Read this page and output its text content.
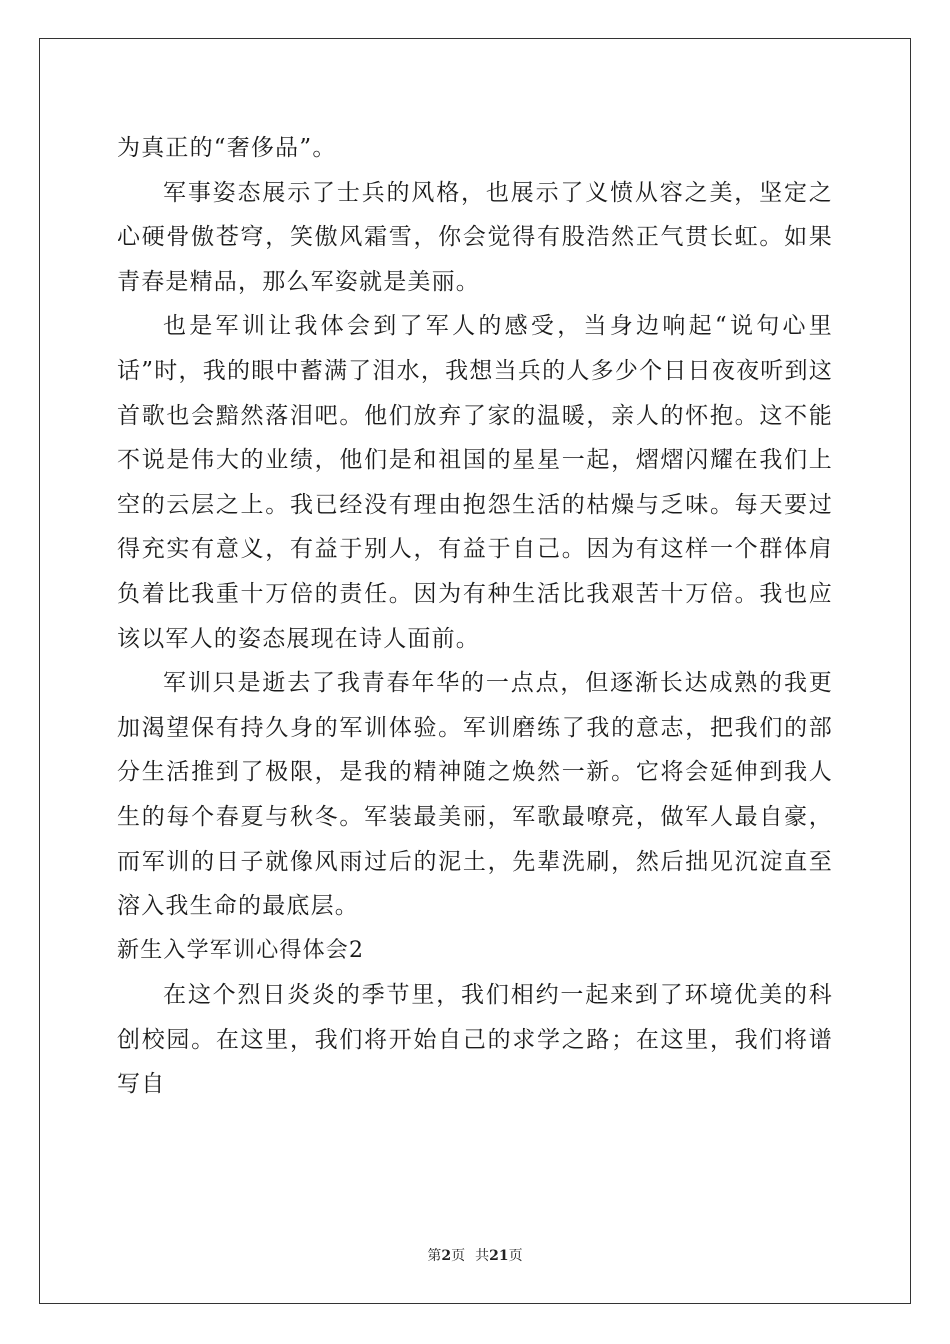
为真正的“奢侈品”。

军事姿态展示了士兵的风格，也展示了义愤从容之美，坚定之心硬骨傲苍穹，笑傲风霜雪，你会觉得有股浩然正气贯长虹。如果青春是精品，那么军姿就是美丽。

也是军训让我体会到了军人的感受，当身边响起“说句心里话”时，我的眼中蓄满了泪水，我想当兵的人多少个日日夜夜听到这首歌也会黯然落泪吧。他们放弃了家的温暖，亲人的怀抱。这不能不说是伟大的业绩，他们是和祖国的星星一起，熠熠闪耀在我们上空的云层之上。我已经没有理由抱怨生活的枯燥与乏味。每天要过得充实有意义，有益于别人，有益于自己。因为有这样一个群体肩负着比我重十万倍的责任。因为有种生活比我艰苦十万倍。我也应该以军人的姿态展现在诗人面前。

军训只是逝去了我青春年华的一点点，但逐渐长达成熟的我更加渴望保有持久身的军训体验。军训磨练了我的意志，把我们的部分生活推到了极限，是我的精神随之焕然一新。它将会延伸到我人生的每个春夏与秋冬。军装最美丽，军歌最嘹亮，做军人最自豪，而军训的日子就像风雨过后的泥土，先辈洗刷，然后拙见沉淀直至溶入我生命的最底层。

新生入学军训心得体会2

在这个烈日炎炎的季节里，我们相约一起来到了环境优美的科创校园。在这里，我们将开始自己的求学之路；在这里，我们将谱写自

第2页 共21页
